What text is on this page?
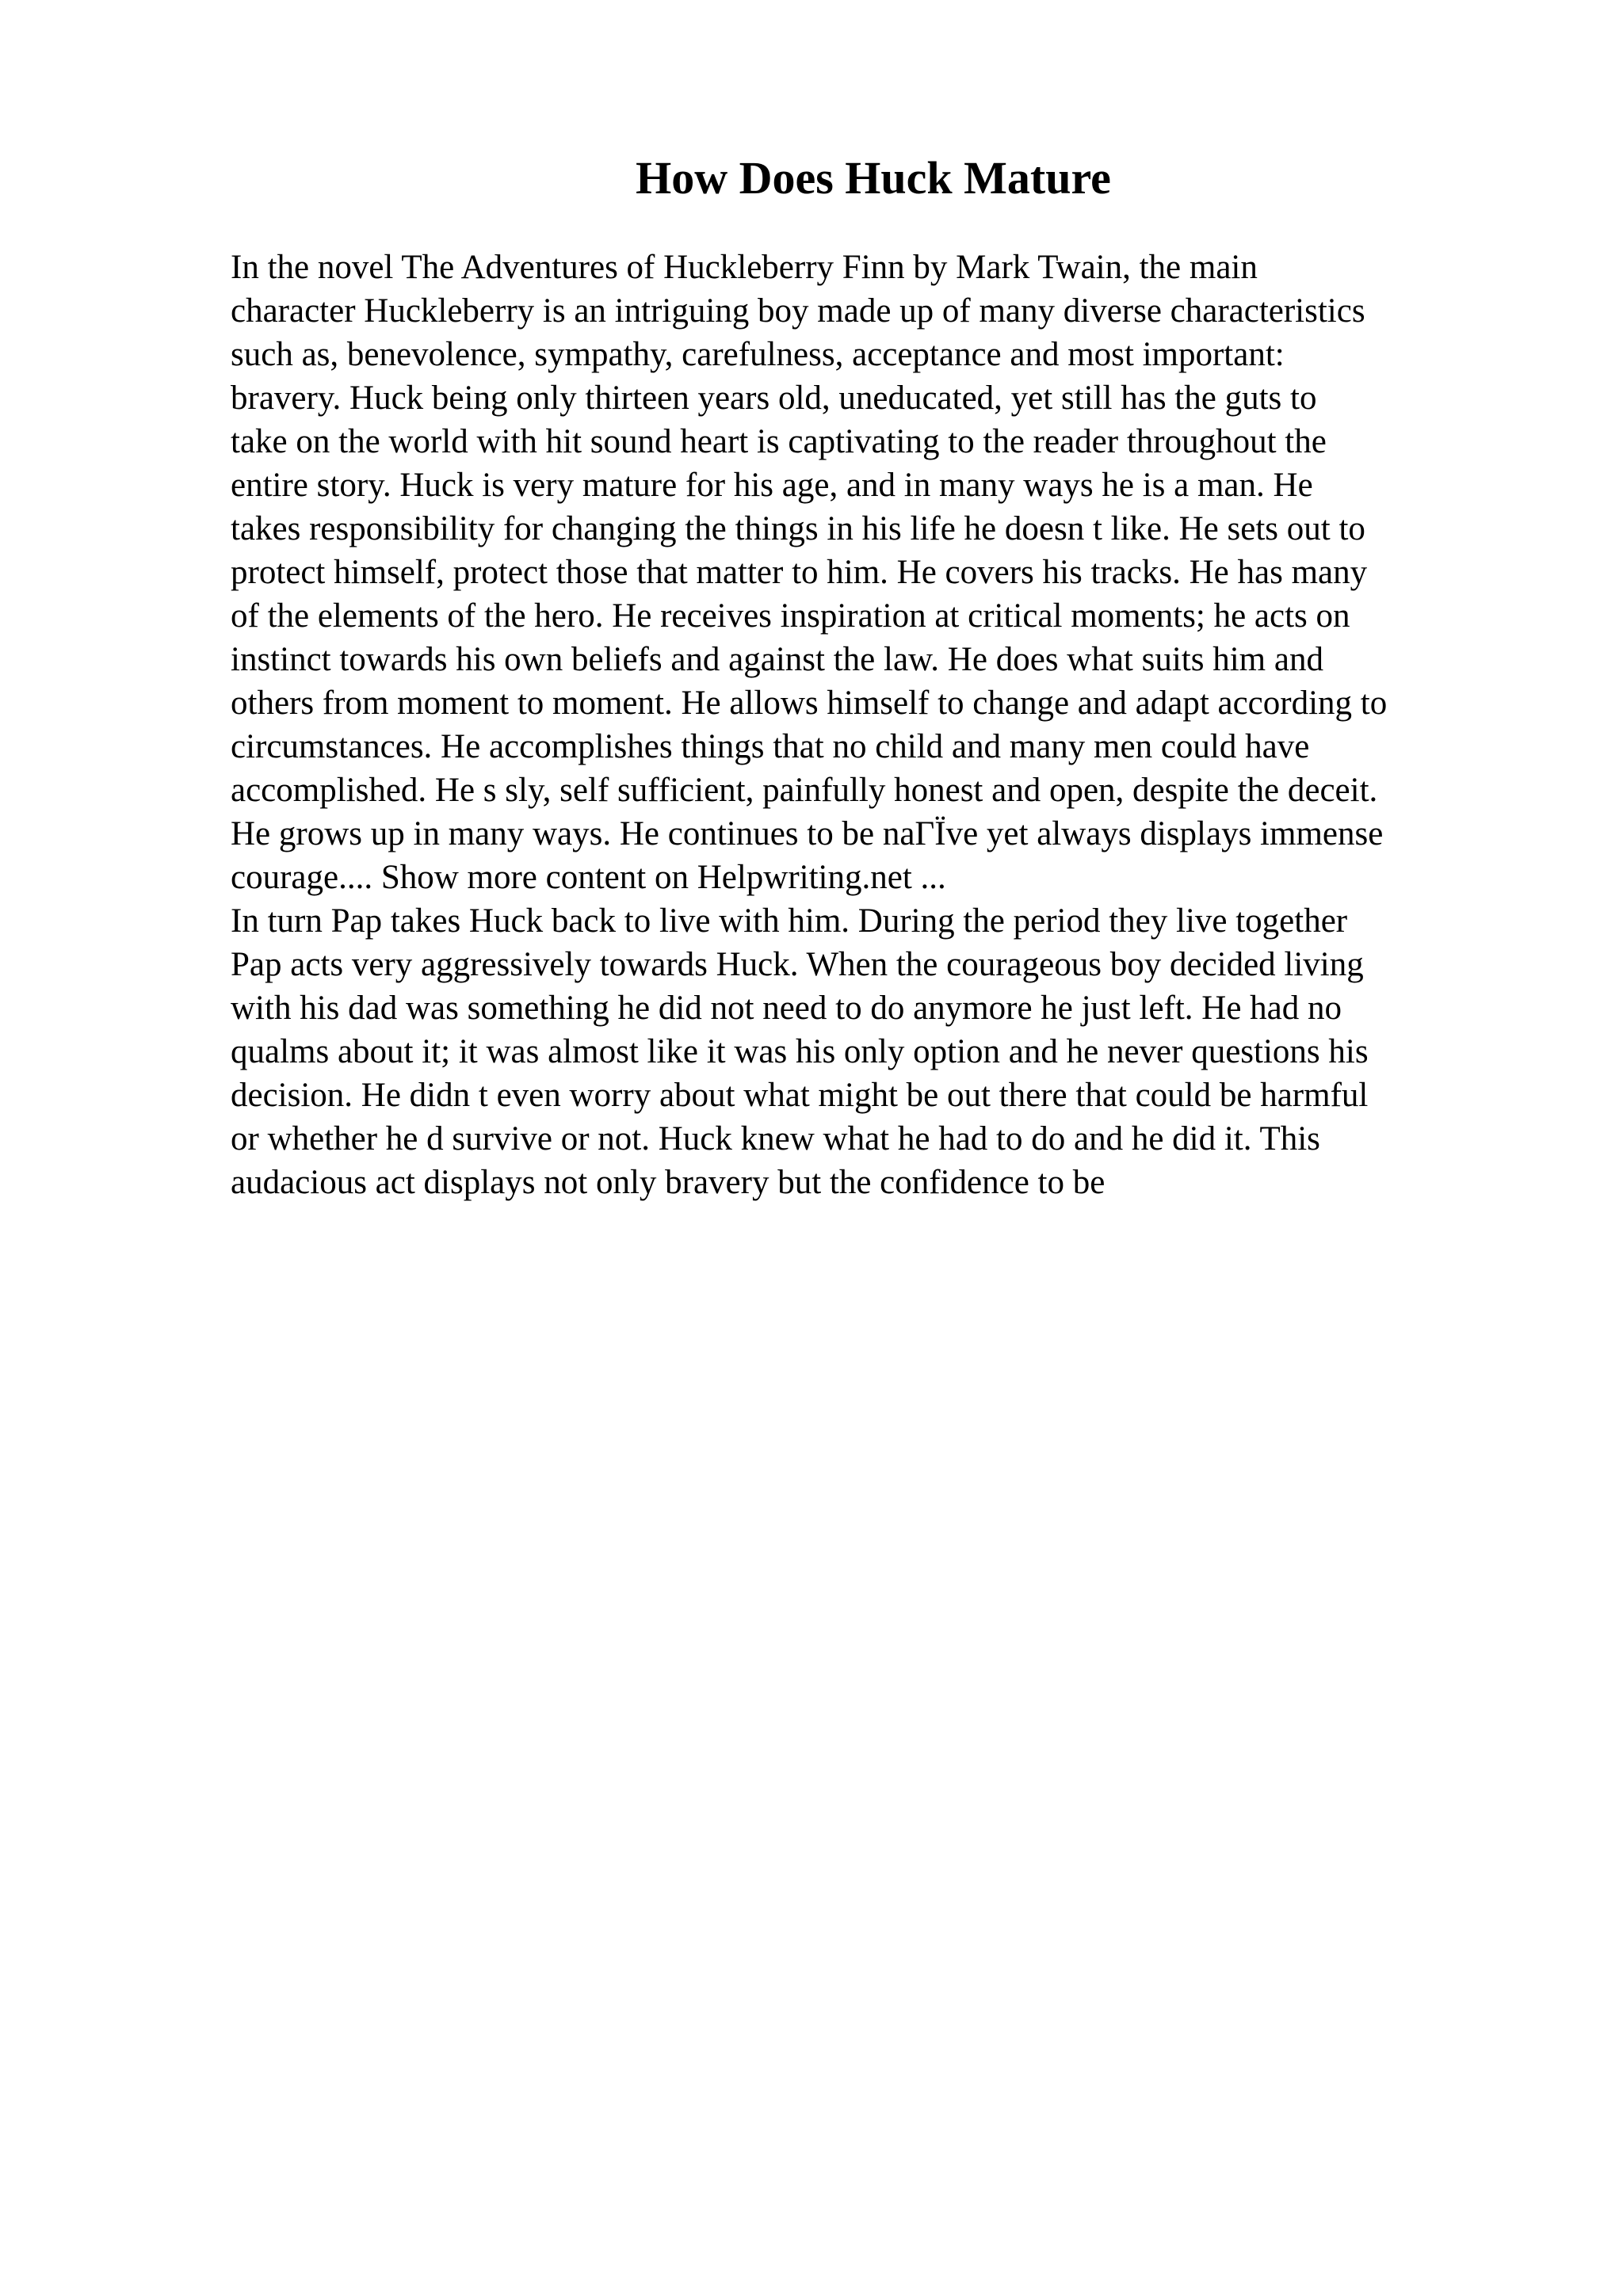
How Does Huck Mature
In the novel The Adventures of Huckleberry Finn by Mark Twain, the main
character Huckleberry is an intriguing boy made up of many diverse characteristics
such as, benevolence, sympathy, carefulness, acceptance and most important:
bravery. Huck being only thirteen years old, uneducated, yet still has the guts to
take on the world with hit sound heart is captivating to the reader throughout the
entire story. Huck is very mature for his age, and in many ways he is a man. He
takes responsibility for changing the things in his life he doesn t like. He sets out to
protect himself, protect those that matter to him. He covers his tracks. He has many
of the elements of the hero. He receives inspiration at critical moments; he acts on
instinct towards his own beliefs and against the law. He does what suits him and
others from moment to moment. He allows himself to change and adapt according to
circumstances. He accomplishes things that no child and many men could have
accomplished. He s sly, self sufficient, painfully honest and open, despite the deceit.
He grows up in many ways. He continues to be naΓЇve yet always displays immense
courage.... Show more content on Helpwriting.net ...
In turn Pap takes Huck back to live with him. During the period they live together
Pap acts very aggressively towards Huck. When the courageous boy decided living
with his dad was something he did not need to do anymore he just left. He had no
qualms about it; it was almost like it was his only option and he never questions his
decision. He didn t even worry about what might be out there that could be harmful
or whether he d survive or not. Huck knew what he had to do and he did it. This
audacious act displays not only bravery but the confidence to be
